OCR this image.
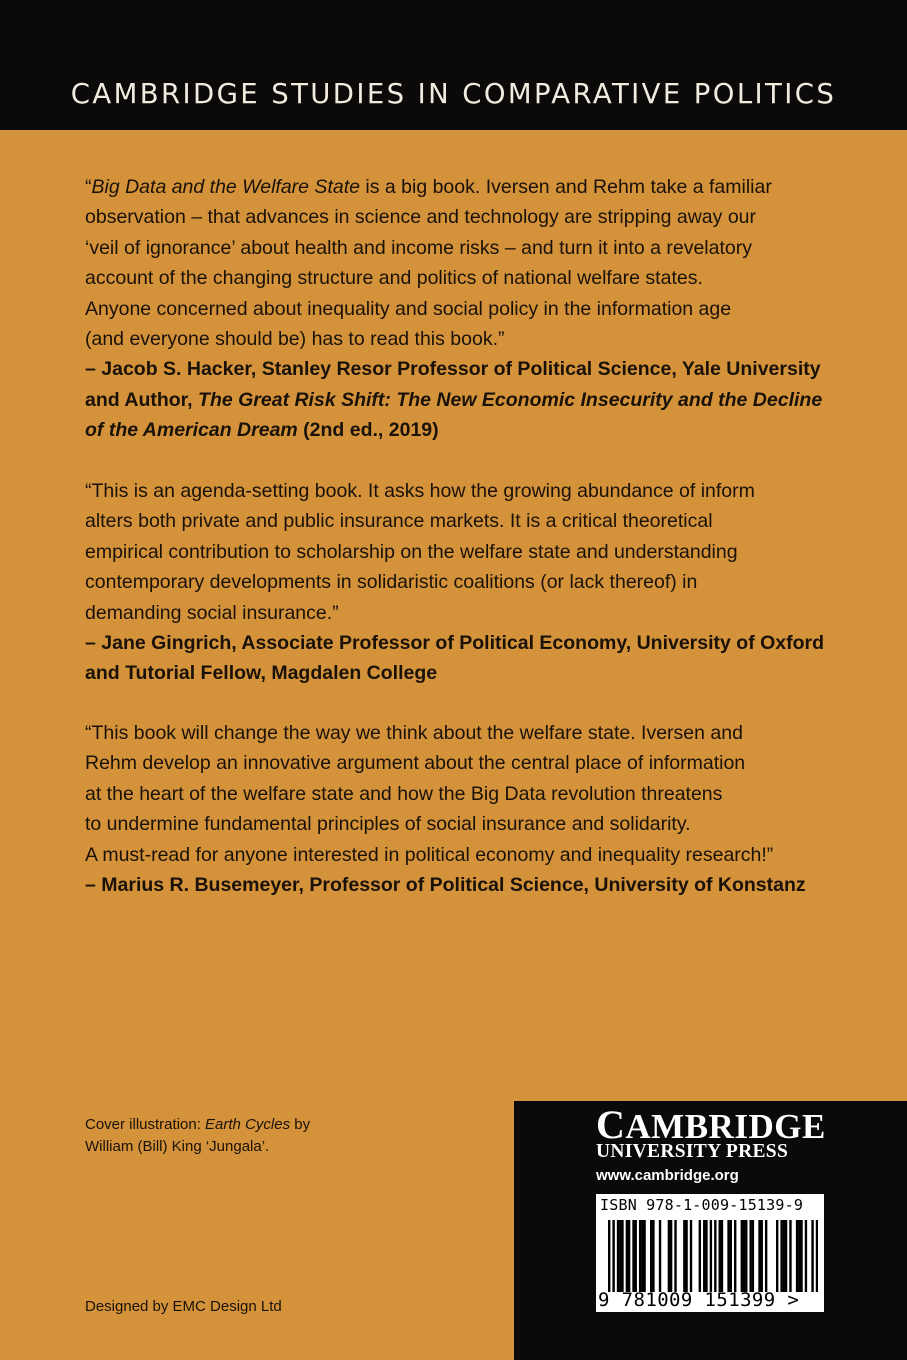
CAMBRIDGE STUDIES IN COMPARATIVE POLITICS

“Big Data and the Welfare State is a big book. Iversen and Rehm take a familiar

observation – that advances in science and technology are stripping away our

‘veil of ignorance’ about health and income risks – and turn it into a revelatory

account of the changing structure and politics of national welfare states.

Anyone concerned about inequality and social policy in the information age

(and everyone should be) has to read this book.”

– Jacob S. Hacker, Stanley Resor Professor of Political Science, Yale University

and Author, The Great Risk Shift: The New Economic Insecurity and the Decline

of the American Dream (2nd ed., 2019)

“This is an agenda-setting book. It asks how the growing abundance of inform

alters both private and public insurance markets. It is a critical theoretical

empirical contribution to scholarship on the welfare state and understanding

contemporary developments in solidaristic coalitions (or lack thereof) in

demanding social insurance.”

– Jane Gingrich, Associate Professor of Political Economy, University of Oxford

and Tutorial Fellow, Magdalen College

“This book will change the way we think about the welfare state. Iversen and

Rehm develop an innovative argument about the central place of information

at the heart of the welfare state and how the Big Data revolution threatens

to undermine fundamental principles of social insurance and solidarity.

A must-read for anyone interested in political economy and inequality research!”

– Marius R. Busemeyer, Professor of Political Science, University of Konstanz

Cover illustration: Earth Cycles by
William (Bill) King ‘Jungala’.
Designed by EMC Design Ltd
CAMBRIDGE
UNIVERSITY PRESS
www.cambridge.org
ISBN 978-1-009-15139-9
9 781009 151399 >
